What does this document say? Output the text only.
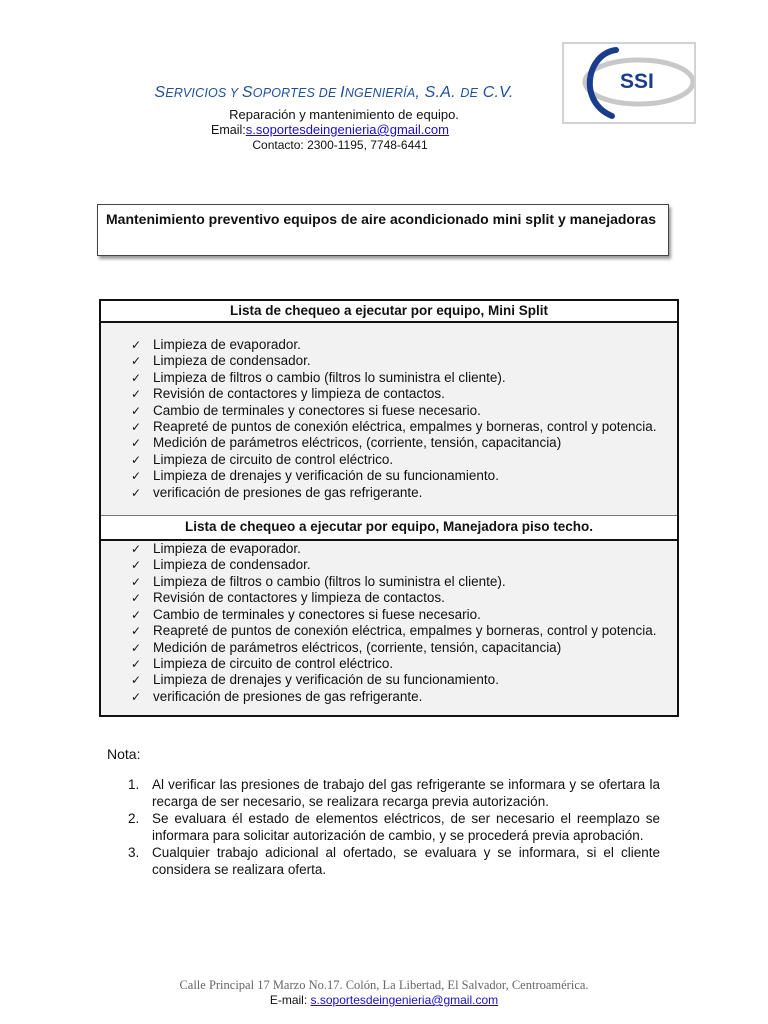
SERVICIOS Y SOPORTES DE INGENIERÍA, S.A. DE C.V.
Reparación y mantenimiento de equipo.
Email:s.soportesdeingenieria@gmail.com
Contacto: 2300-1195, 7748-6441
SSI
Mantenimiento preventivo equipos de aire acondicionado mini split y manejadoras
Lista de chequeo a ejecutar por equipo, Mini Split
✓ Limpieza de evaporador.
✓ Limpieza de condensador.
✓ Limpieza de filtros o cambio (filtros lo suministra el cliente).
✓ Revisión de contactores y limpieza de contactos.
✓ Cambio de terminales y conectores si fuese necesario.
✓ Reapreté de puntos de conexión eléctrica, empalmes y borneras, control y potencia.
✓ Medición de parámetros eléctricos, (corriente, tensión, capacitancia)
✓ Limpieza de circuito de control eléctrico.
✓ Limpieza de drenajes y verificación de su funcionamiento.
✓ verificación de presiones de gas refrigerante.
Lista de chequeo a ejecutar por equipo, Manejadora piso techo.
✓ Limpieza de evaporador.
✓ Limpieza de condensador.
✓ Limpieza de filtros o cambio (filtros lo suministra el cliente).
✓ Revisión de contactores y limpieza de contactos.
✓ Cambio de terminales y conectores si fuese necesario.
✓ Reapreté de puntos de conexión eléctrica, empalmes y borneras, control y potencia.
✓ Medición de parámetros eléctricos, (corriente, tensión, capacitancia)
✓ Limpieza de circuito de control eléctrico.
✓ Limpieza de drenajes y verificación de su funcionamiento.
✓ verificación de presiones de gas refrigerante.
Nota:
1. Al verificar las presiones de trabajo del gas refrigerante se informara y se ofertara la recarga de ser necesario, se realizara recarga previa autorización.
2. Se evaluara él estado de elementos eléctricos, de ser necesario el reemplazo se informara para solicitar autorización de cambio, y se procederá previa aprobación.
3. Cualquier trabajo adicional al ofertado, se evaluara y se informara, si el cliente considera se realizara oferta.
Calle Principal 17 Marzo No.17. Colón, La Libertad, El Salvador, Centroamérica.
E-mail: s.soportesdeingenieria@gmail.com
